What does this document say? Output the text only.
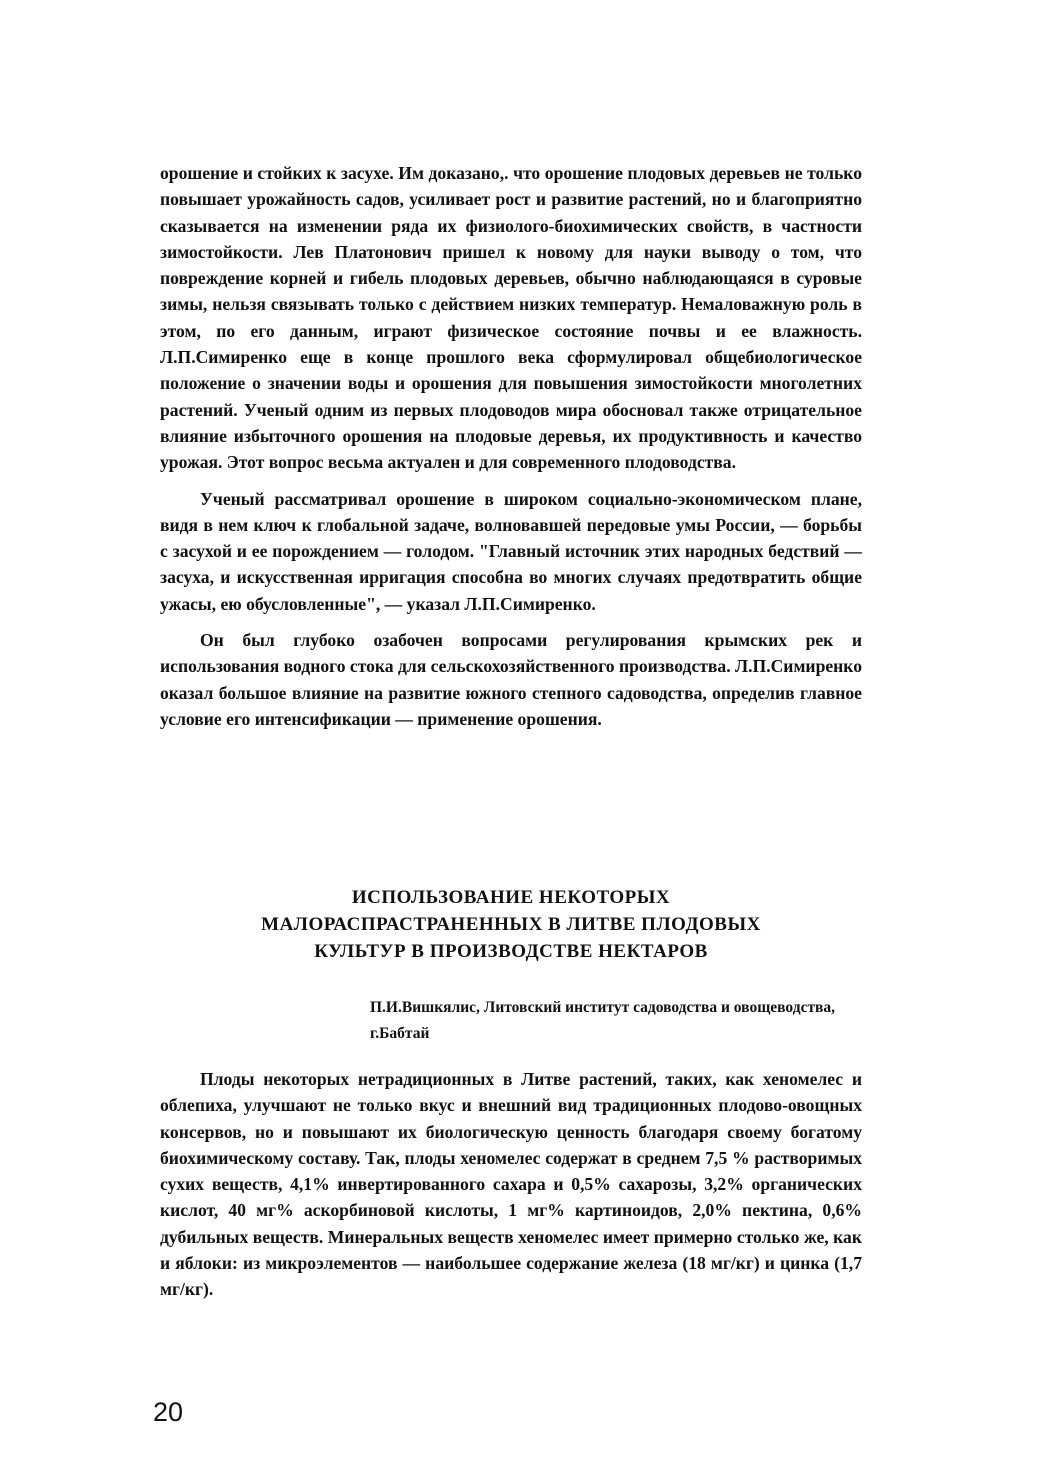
орошение и стойких к засухе. Им доказано,. что орошение плодовых деревьев не только повышает урожайность садов, усиливает рост и развитие растений, но и благоприятно сказывается на изменении ряда их физиолого-биохимических свойств, в частности зимостойкости. Лев Платонович пришел к новому для науки выводу о том, что повреждение корней и гибель плодовых деревьев, обычно наблюдающаяся в суровые зимы, нельзя связывать только с действием низких температур. Немаловажную роль в этом, по его данным, играют физическое состояние почвы и ее влажность. Л.П.Симиренко еще в конце прошлого века сформулировал общебиологическое положение о значении воды и орошения для повышения зимостойкости многолетних растений. Ученый одним из первых плодоводов мира обосновал также отрицательное влияние избыточного орошения на плодовые деревья, их продуктивность и качество урожая. Этот вопрос весьма актуален и для современного плодоводства.

Ученый рассматривал орошение в широком социально-экономическом плане, видя в нем ключ к глобальной задаче, волновавшей передовые умы России, — борьбы с засухой и ее порождением — голодом. "Главный источник этих народных бедствий — засуха, и искусственная ирригация способна во многих случаях предотвратить общие ужасы, ею обусловленные", — указал Л.П.Симиренко.

Он был глубоко озабочен вопросами регулирования крымских рек и использования водного стока для сельскохозяйственного производства. Л.П.Симиренко оказал большое влияние на развитие южного степного садоводства, определив главное условие его интенсификации — применение орошения.

ИСПОЛЬЗОВАНИЕ НЕКОТОРЫХ
МАЛОРАСПРАСТРАНЕННЫХ В ЛИТВЕ ПЛОДОВЫХ
КУЛЬТУР В ПРОИЗВОДСТВЕ НЕКТАРОВ

П.И.Вишкялис, Литовский институт садоводства и овощеводства, г.Бабтай

Плоды некоторых нетрадиционных в Литве растений, таких, как хеномелес и облепиха, улучшают не только вкус и внешний вид традиционных плодово-овощных консервов, но и повышают их биологическую ценность благодаря своему богатому биохимическому составу. Так, плоды хеномелес содержат в среднем 7,5 % растворимых сухих веществ, 4,1% инвертированного сахара и 0,5% сахарозы, 3,2% органических кислот, 40 мг% аскорбиновой кислоты, 1 мг% картиноидов, 2,0% пектина, 0,6% дубильных веществ. Минеральных веществ хеномелес имеет примерно столько же, как и яблоки: из микроэлементов — наибольшее содержание железа (18 мг/кг) и цинка (1,7 мг/кг).

20
